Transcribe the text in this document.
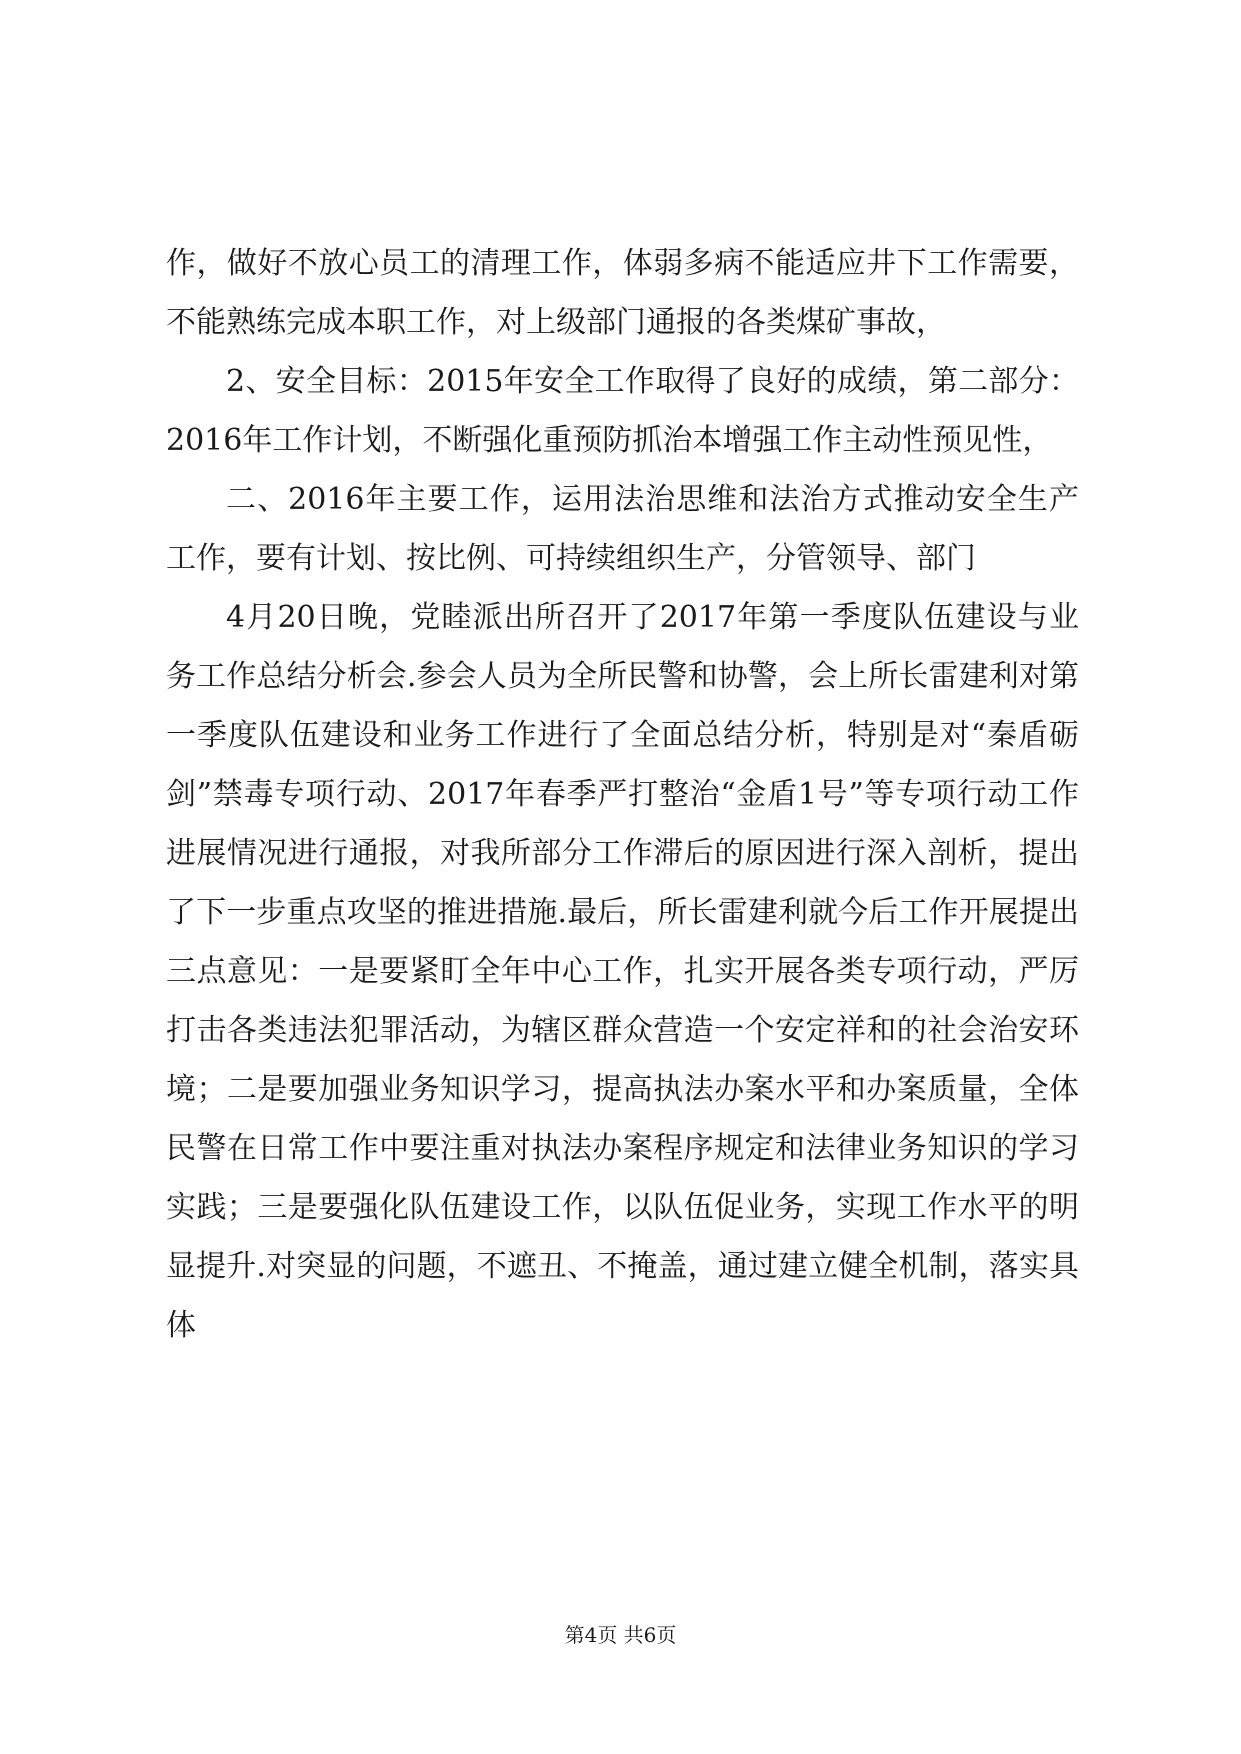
作，做好不放心员工的清理工作，体弱多病不能适应井下工作需要，不能熟练完成本职工作，对上级部门通报的各类煤矿事故，

2、安全目标：2015年安全工作取得了良好的成绩，第二部分：2016年工作计划，不断强化重预防抓治本增强工作主动性预见性，

二、2016年主要工作，运用法治思维和法治方式推动安全生产工作，要有计划、按比例、可持续组织生产，分管领导、部门

4月20日晚，党睦派出所召开了2017年第一季度队伍建设与业务工作总结分析会.参会人员为全所民警和协警，会上所长雷建利对第一季度队伍建设和业务工作进行了全面总结分析，特别是对“秦盾砺剑”禁毒专项行动、2017年春季严打整治“金盾1号”等专项行动工作进展情况进行通报，对我所部分工作滞后的原因进行深入剖析，提出了下一步重点攻坚的推进措施.最后，所长雷建利就今后工作开展提出三点意见：一是要紧盯全年中心工作，扎实开展各类专项行动，严厉打击各类违法犯罪活动，为辖区群众营造一个安定祥和的社会治安环境；二是要加强业务知识学习，提高执法办案水平和办案质量，全体民警在日常工作中要注重对执法办案程序规定和法律业务知识的学习实践；三是要强化队伍建设工作，以队伍促业务，实现工作水平的明显提升.对突显的问题，不遮丑、不掩盖，通过建立健全机制，落实具体

第4页 共6页
